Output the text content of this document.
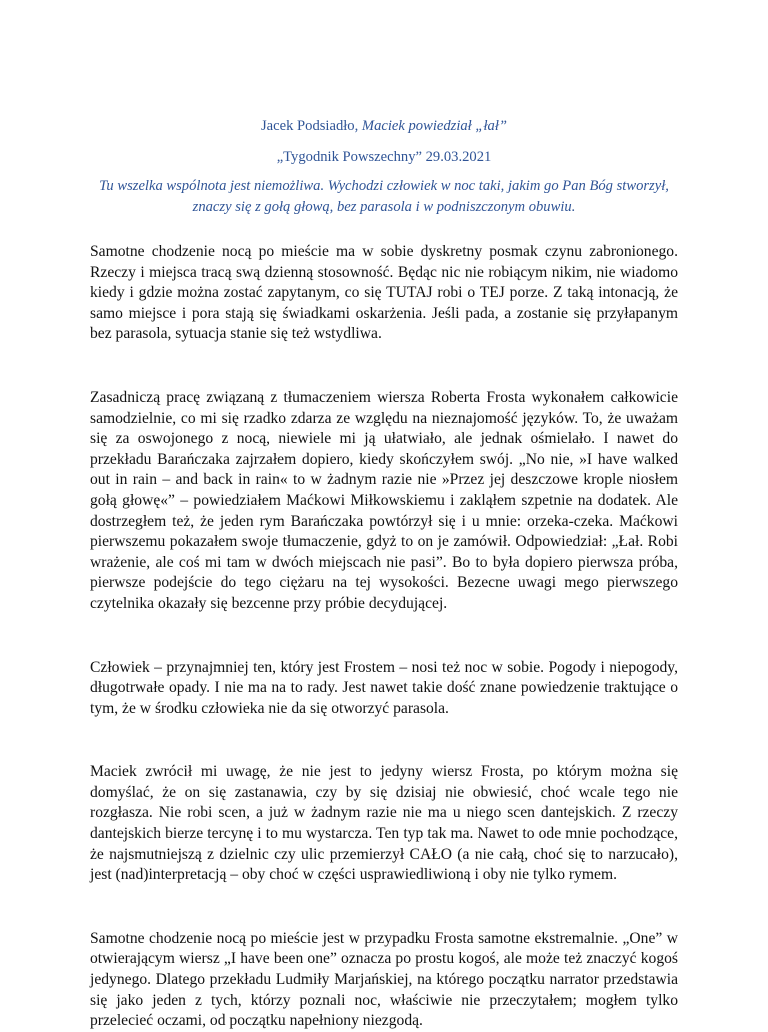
Jacek Podsiadło, Maciek powiedział „łał”
„Tygodnik Powszechny” 29.03.2021
Tu wszelka wspólnota jest niemożliwa. Wychodzi człowiek w noc taki, jakim go Pan Bóg stworzył, znaczy się z gołą głową, bez parasola i w podniszczonym obuwiu.

Samotne chodzenie nocą po mieście ma w sobie dyskretny posmak czynu zabronionego. Rzeczy i miejsca tracą swą dzienną stosowność. Będąc nic nie robiącym nikim, nie wiadomo kiedy i gdzie można zostać zapytanym, co się TUTAJ robi o TEJ porze. Z taką intonacją, że samo miejsce i pora stają się świadkami oskarżenia. Jeśli pada, a zostanie się przyłapanym bez parasola, sytuacja stanie się też wstydliwa.

Zasadniczą pracę związaną z tłumaczeniem wiersza Roberta Frosta wykonałem całkowicie samodzielnie, co mi się rzadko zdarza ze względu na nieznajomość języków. To, że uważam się za oswojonego z nocą, niewiele mi ją ułatwiało, ale jednak ośmielało. I nawet do przekładu Barańczaka zajrzałem dopiero, kiedy skończyłem swój. „No nie, »I have walked out in rain – and back in rain« to w żadnym razie nie »Przez jej deszczowe krople niosłem gołą głowę«” – powiedziałem Maćkowi Miłkowskiemu i zakląłem szpetnie na dodatek. Ale dostrzegłem też, że jeden rym Barańczaka powtórzył się i u mnie: orzeka-czeka. Maćkowi pierwszemu pokazałem swoje tłumaczenie, gdyż to on je zamówił. Odpowiedział: „Łał. Robi wrażenie, ale coś mi tam w dwóch miejscach nie pasi”. Bo to była dopiero pierwsza próba, pierwsze podejście do tego ciężaru na tej wysokości. Bezecne uwagi mego pierwszego czytelnika okazały się bezcenne przy próbie decydującej.

Człowiek – przynajmniej ten, który jest Frostem – nosi też noc w sobie. Pogody i niepogody, długotrwałe opady. I nie ma na to rady. Jest nawet takie dość znane powiedzenie traktujące o tym, że w środku człowieka nie da się otworzyć parasola.

Maciek zwrócił mi uwagę, że nie jest to jedyny wiersz Frosta, po którym można się domyślać, że on się zastanawia, czy by się dzisiaj nie obwiesić, choć wcale tego nie rozgłasza. Nie robi scen, a już w żadnym razie nie ma u niego scen dantejskich. Z rzeczy dantejskich bierze tercynę i to mu wystarcza. Ten typ tak ma. Nawet to ode mnie pochodzące, że najsmutniejszą z dzielnic czy ulic przemierzył CAŁO (a nie całą, choć się to narzucało), jest (nad)interpretacją – oby choć w części usprawiedliwioną i oby nie tylko rymem.

Samotne chodzenie nocą po mieście jest w przypadku Frosta samotne ekstremalnie. „One” w otwierającym wiersz „I have been one” oznacza po prostu kogoś, ale może też znaczyć kogoś jedynego. Dlatego przekładu Ludmiły Marjańskiej, na którego początku narrator przedstawia się jako jeden z tych, którzy poznali noc, właściwie nie przeczytałem; mogłem tylko przelecieć oczami, od początku napełniony niezgodą.
